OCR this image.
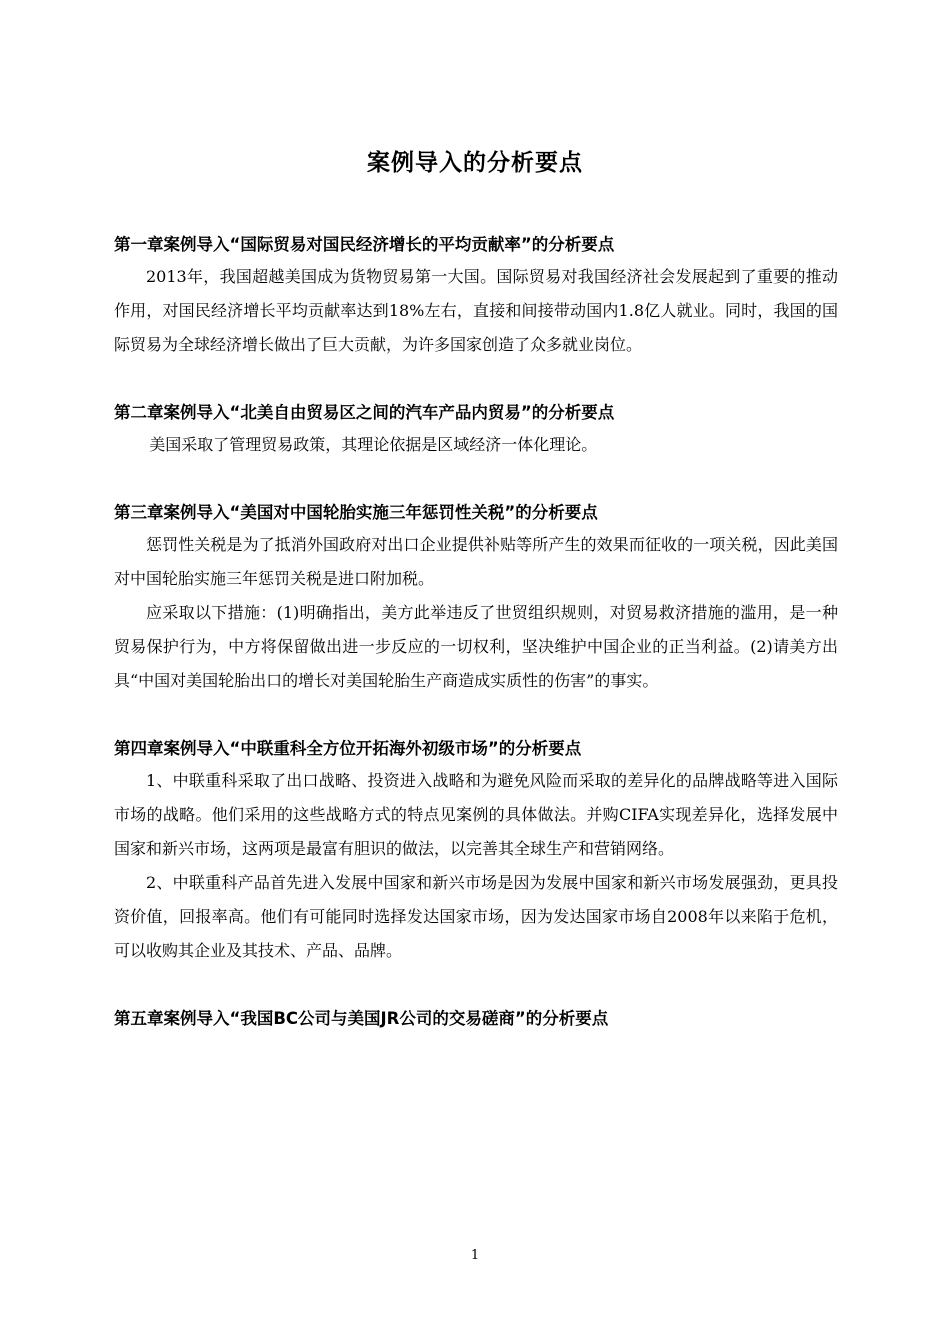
案例导入的分析要点
第一章案例导入“国际贸易对国民经济增长的平均贡献率”的分析要点

2013年，我国超越美国成为货物贸易第一大国。国际贸易对我国经济社会发展起到了重要的推动作用，对国民经济增长平均贡献率达到18%左右，直接和间接带动国内1.8亿人就业。同时，我国的国际贸易为全球经济增长做出了巨大贡献，为许多国家创造了众多就业岗位。

第二章案例导入“北美自由贸易区之间的汽车产品内贸易”的分析要点

美国采取了管理贸易政策，其理论依据是区域经济一体化理论。

第三章案例导入“美国对中国轮胎实施三年惩罚性关税”的分析要点

惩罚性关税是为了抵消外国政府对出口企业提供补贴等所产生的效果而征收的一项关税，因此美国对中国轮胎实施三年惩罚关税是进口附加税。

应采取以下措施：(1)明确指出，美方此举违反了世贸组织规则，对贸易救济措施的滥用，是一种贸易保护行为，中方将保留做出进一步反应的一切权利，坚决维护中国企业的正当利益。(2)请美方出具“中国对美国轮胎出口的增长对美国轮胎生产商造成实质性的伤害”的事实。

第四章案例导入“中联重科全方位开拓海外初级市场”的分析要点

1、中联重科采取了出口战略、投资进入战略和为避免风险而采取的差异化的品牌战略等进入国际市场的战略。他们采用的这些战略方式的特点见案例的具体做法。并购CIFA实现差异化，选择发展中国家和新兴市场，这两项是最富有胆识的做法，以完善其全球生产和营销网络。

2、中联重科产品首先进入发展中国家和新兴市场是因为发展中国家和新兴市场发展强劲，更具投资价值，回报率高。他们有可能同时选择发达国家市场，因为发达国家市场自2008年以来陷于危机，可以收购其企业及其技术、产品、品牌。

第五章案例导入“我国BC公司与美国JR公司的交易磋商”的分析要点
1
